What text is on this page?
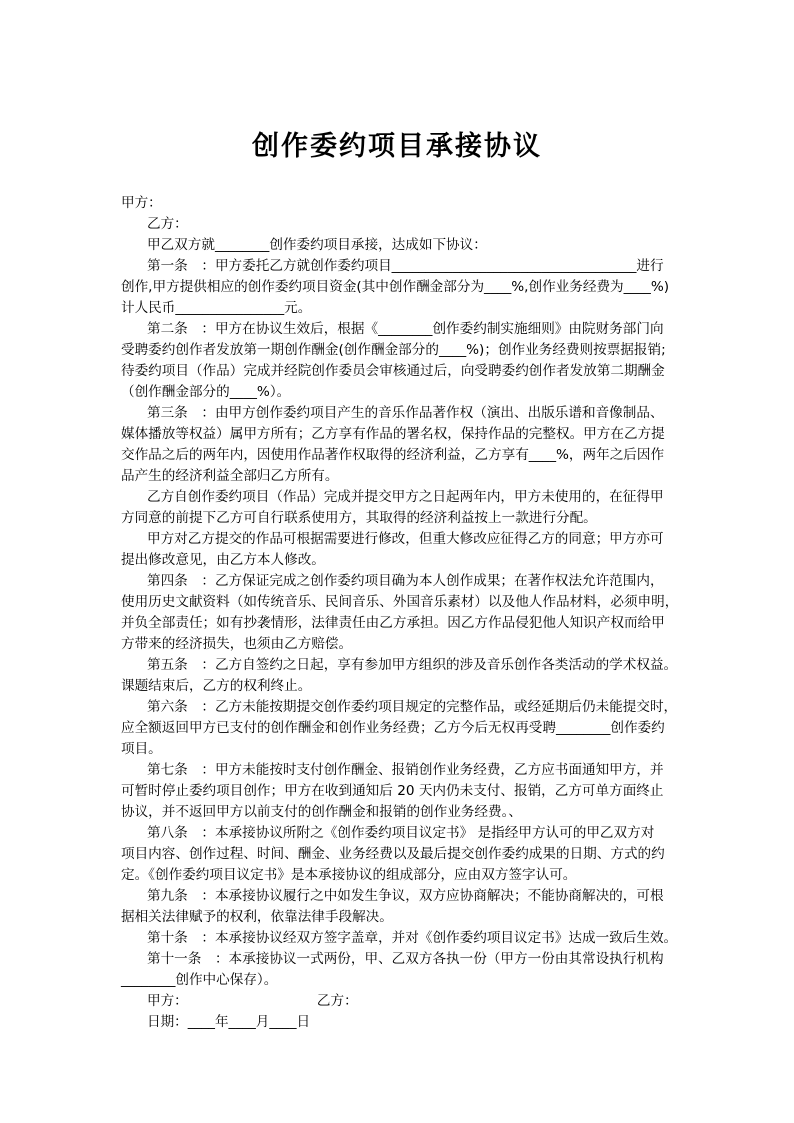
创作委约项目承接协议
甲方：
乙方：
甲乙双方就________创作委约项目承接，达成如下协议：
第一条　：甲方委托乙方就创作委约项目____________________________________进行
创作,甲方提供相应的创作委约项目资金(其中创作酬金部分为____%,创作业务经费为____%)
计人民币________________元。
第二条　：甲方在协议生效后，根据《________创作委约制实施细则》由院财务部门向
受聘委约创作者发放第一期创作酬金(创作酬金部分的____%)；创作业务经费则按票据报销;
待委约项目（作品）完成并经院创作委员会审核通过后，向受聘委约创作者发放第二期酬金
（创作酬金部分的____%）。
第三条　：由甲方创作委约项目产生的音乐作品著作权（演出、出版乐谱和音像制品、
媒体播放等权益）属甲方所有；乙方享有作品的署名权，保持作品的完整权。甲方在乙方提
交作品之后的两年内，因使用作品著作权取得的经济利益，乙方享有____%，两年之后因作
品产生的经济利益全部归乙方所有。
乙方自创作委约项目（作品）完成并提交甲方之日起两年内，甲方未使用的，在征得甲
方同意的前提下乙方可自行联系使用方，其取得的经济利益按上一款进行分配。
甲方对乙方提交的作品可根据需要进行修改，但重大修改应征得乙方的同意；甲方亦可
提出修改意见，由乙方本人修改。
第四条　：乙方保证完成之创作委约项目确为本人创作成果；在著作权法允许范围内，
使用历史文献资料（如传统音乐、民间音乐、外国音乐素材）以及他人作品材料，必须申明，
并负全部责任；如有抄袭情形，法律责任由乙方承担。因乙方作品侵犯他人知识产权而给甲
方带来的经济损失，也须由乙方赔偿。
第五条　：乙方自签约之日起，享有参加甲方组织的涉及音乐创作各类活动的学术权益。
课题结束后，乙方的权利终止。
第六条　：乙方未能按期提交创作委约项目规定的完整作品，或经延期后仍未能提交时，
应全额返回甲方已支付的创作酬金和创作业务经费；乙方今后无权再受聘________创作委约
项目。
第七条　：甲方未能按时支付创作酬金、报销创作业务经费，乙方应书面通知甲方，并
可暂时停止委约项目创作；甲方在收到通知后 20 天内仍未支付、报销，乙方可单方面终止
协议，并不返回甲方以前支付的创作酬金和报销的创作业务经费。、
第八条　：本承接协议所附之《创作委约项目议定书》 是指经甲方认可的甲乙双方对
项目内容、创作过程、时间、酬金、业务经费以及最后提交创作委约成果的日期、方式的约
定。《创作委约项目议定书》是本承接协议的组成部分，应由双方签字认可。
第九条　：本承接协议履行之中如发生争议，双方应协商解决；不能协商解决的，可根
据相关法律赋予的权利，依靠法律手段解决。
第十条　：本承接协议经双方签字盖章，并对《创作委约项目议定书》达成一致后生效。
第十一条　：本承接协议一式两份，甲、乙双方各执一份（甲方一份由其常设执行机构
________创作中心保存）。
甲方：　　　　　　　　　　乙方：
日期：____年____月____日
